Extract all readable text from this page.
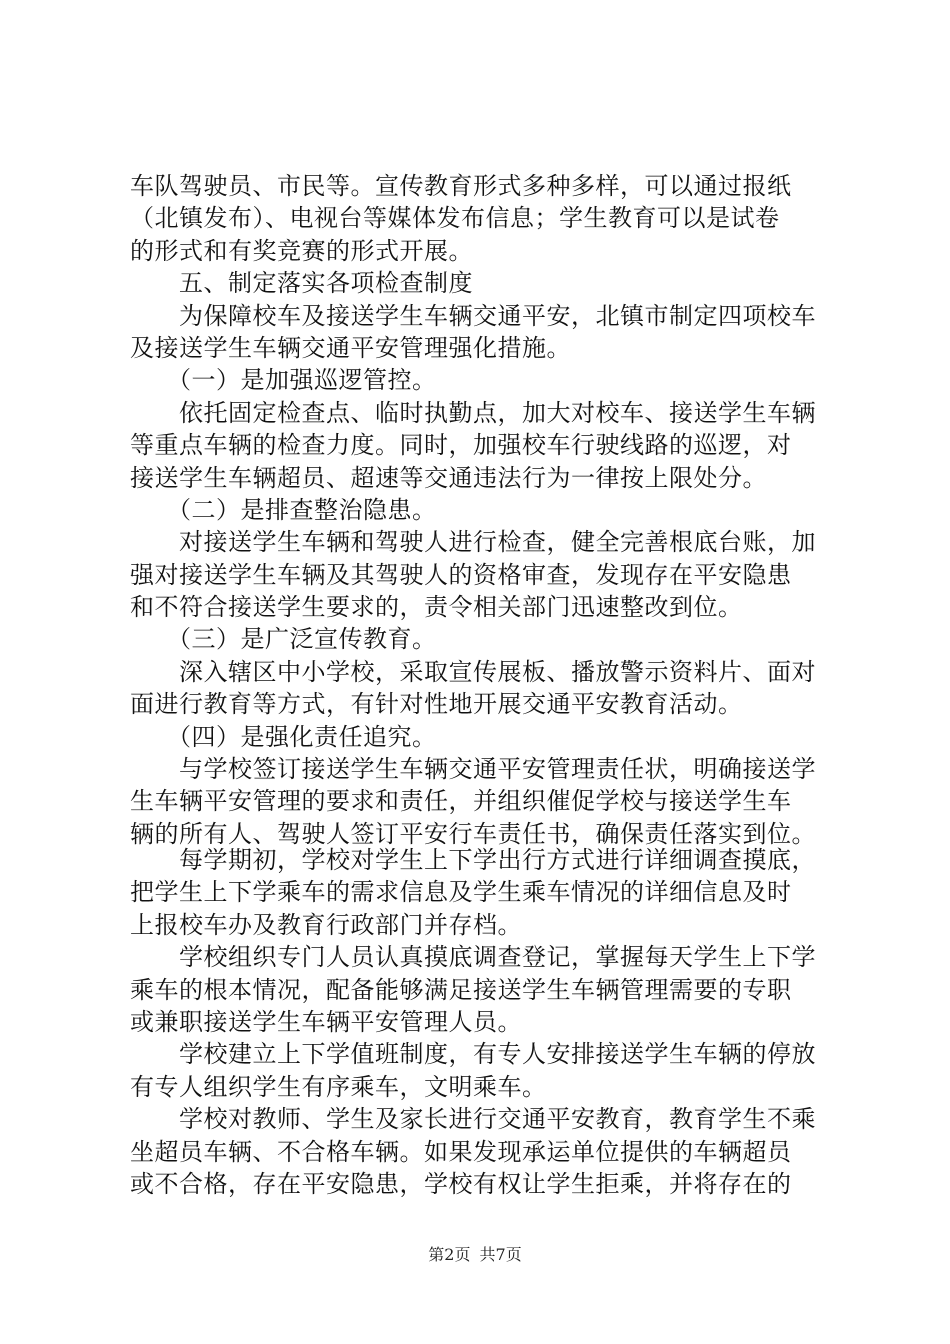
车队驾驶员、市民等。宣传教育形式多种多样，可以通过报纸
（北镇发布）、电视台等媒体发布信息；学生教育可以是试卷
的形式和有奖竞赛的形式开展。
　　五、制定落实各项检查制度
　　为保障校车及接送学生车辆交通平安，北镇市制定四项校车
及接送学生车辆交通平安管理强化措施。
　　（一）是加强巡逻管控。
　　依托固定检查点、临时执勤点，加大对校车、接送学生车辆
等重点车辆的检查力度。同时，加强校车行驶线路的巡逻，对
接送学生车辆超员、超速等交通违法行为一律按上限处分。
　　（二）是排查整治隐患。
　　对接送学生车辆和驾驶人进行检查，健全完善根底台账，加
强对接送学生车辆及其驾驶人的资格审查，发现存在平安隐患
和不符合接送学生要求的，责令相关部门迅速整改到位。
　　（三）是广泛宣传教育。
　　深入辖区中小学校，采取宣传展板、播放警示资料片、面对
面进行教育等方式，有针对性地开展交通平安教育活动。
　　（四）是强化责任追究。
　　与学校签订接送学生车辆交通平安管理责任状，明确接送学
生车辆平安管理的要求和责任，并组织催促学校与接送学生车
辆的所有人、驾驶人签订平安行车责任书，确保责任落实到位。
　　每学期初，学校对学生上下学出行方式进行详细调查摸底，
把学生上下学乘车的需求信息及学生乘车情况的详细信息及时
上报校车办及教育行政部门并存档。
　　学校组织专门人员认真摸底调查登记，掌握每天学生上下学
乘车的根本情况，配备能够满足接送学生车辆管理需要的专职
或兼职接送学生车辆平安管理人员。
　　学校建立上下学值班制度，有专人安排接送学生车辆的停放
有专人组织学生有序乘车，文明乘车。
　　学校对教师、学生及家长进行交通平安教育，教育学生不乘
坐超员车辆、不合格车辆。如果发现承运单位提供的车辆超员
或不合格，存在平安隐患，学校有权让学生拒乘，并将存在的
第2页 共7页
